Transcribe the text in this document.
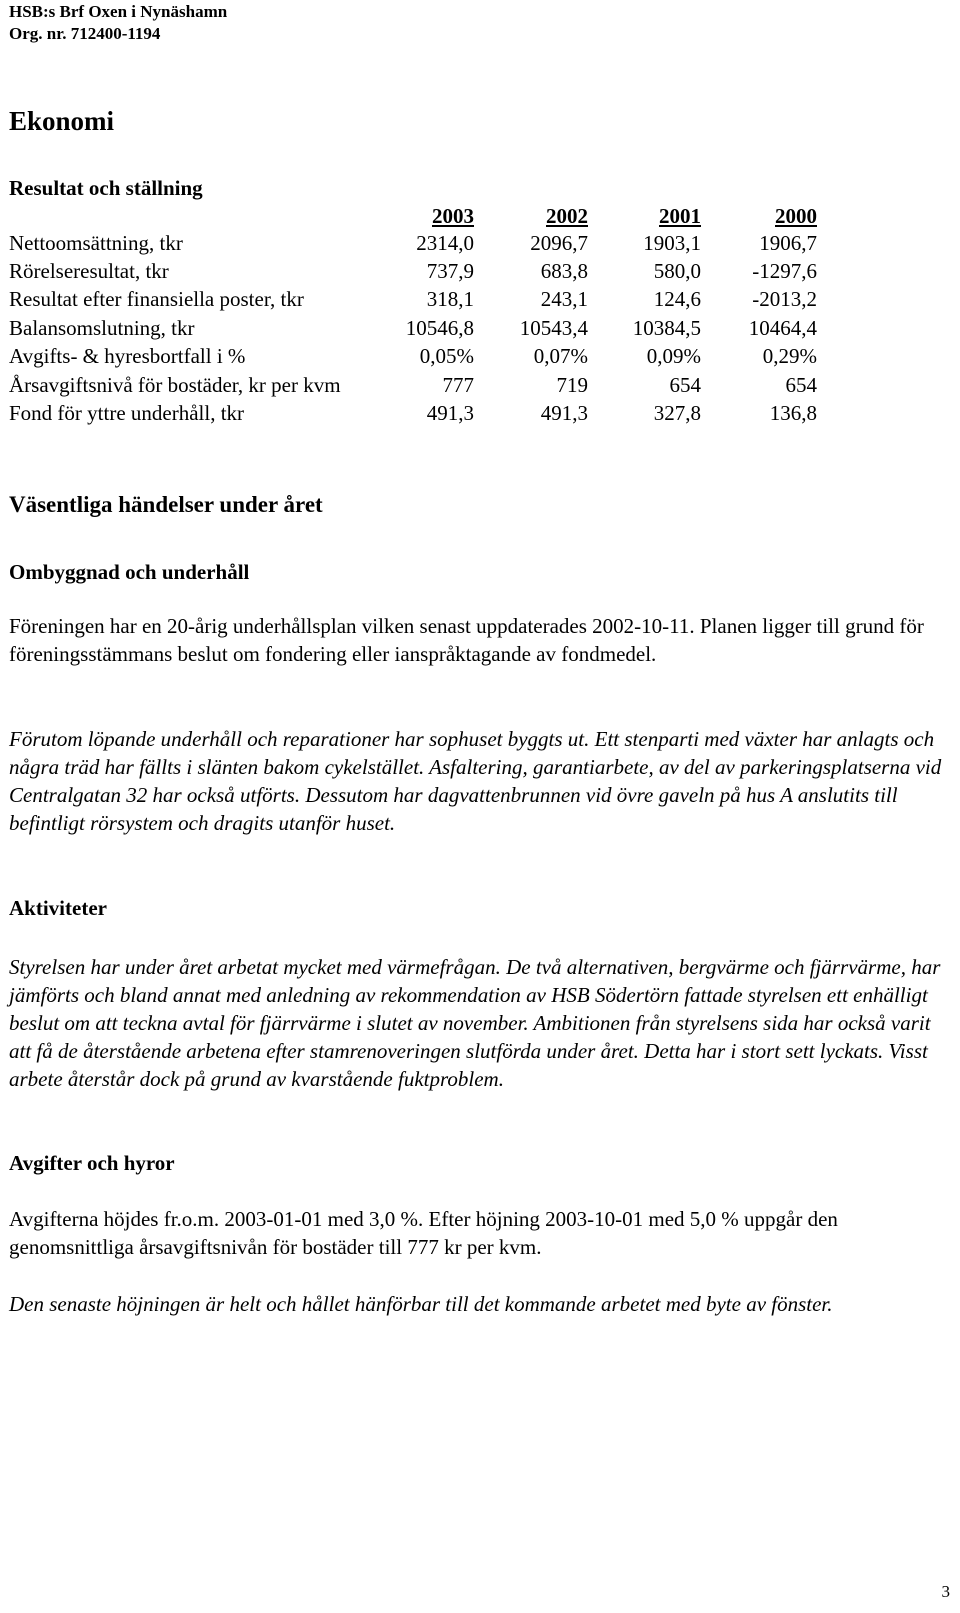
HSB:s Brf Oxen i Nynäshamn
Org. nr. 712400-1194
Ekonomi
Resultat och ställning
2003	2002	2001	2000
Nettoomsättning, tkr	2314,0	2096,7	1903,1	1906,7
Rörelseresultat, tkr	737,9	683,8	580,0	-1297,6
Resultat efter finansiella poster, tkr	318,1	243,1	124,6	-2013,2
Balansomslutning, tkr	10546,8	10543,4	10384,5	10464,4
Avgifts- & hyresbortfall i %	0,05%	0,07%	0,09%	0,29%
Årsavgiftsnivå för bostäder, kr per kvm	777	719	654	654
Fond för yttre underhåll, tkr	491,3	491,3	327,8	136,8
Väsentliga händelser under året
Ombyggnad och underhåll
Föreningen har en 20-årig underhållsplan vilken senast uppdaterades 2002-10-11. Planen ligger till grund för föreningsstämmans beslut om fondering eller ianspråktagande av fondmedel.
Förutom löpande underhåll och reparationer har sophuset byggts ut. Ett stenparti med växter har anlagts och några träd har fällts i slänten bakom cykelstället. Asfaltering, garantiarbete, av del av parkeringsplatserna vid Centralgatan 32 har också utförts. Dessutom har dagvattenbrunnen vid övre gaveln på hus A anslutits till befintligt rörsystem och dragits utanför huset.
Aktiviteter
Styrelsen har under året arbetat mycket med värmefrågan. De två alternativen, bergvärme och fjärrvärme, har jämförts och bland annat med anledning av rekommendation av HSB Södertörn fattade styrelsen ett enhälligt beslut om att teckna avtal för fjärrvärme i slutet av november. Ambitionen från styrelsens sida har också varit att få de återstående arbetena efter stamrenoveringen slutförda under året. Detta har i stort sett lyckats. Visst arbete återstår dock på grund av kvarstående fuktproblem.
Avgifter och hyror
Avgifterna höjdes fr.o.m. 2003-01-01 med 3,0 %. Efter höjning 2003-10-01 med 5,0 % uppgår den genomsnittliga årsavgiftsnivån för bostäder till 777 kr per kvm.
Den senaste höjningen är helt och hållet hänförbar till det kommande arbetet med byte av fönster.
3
